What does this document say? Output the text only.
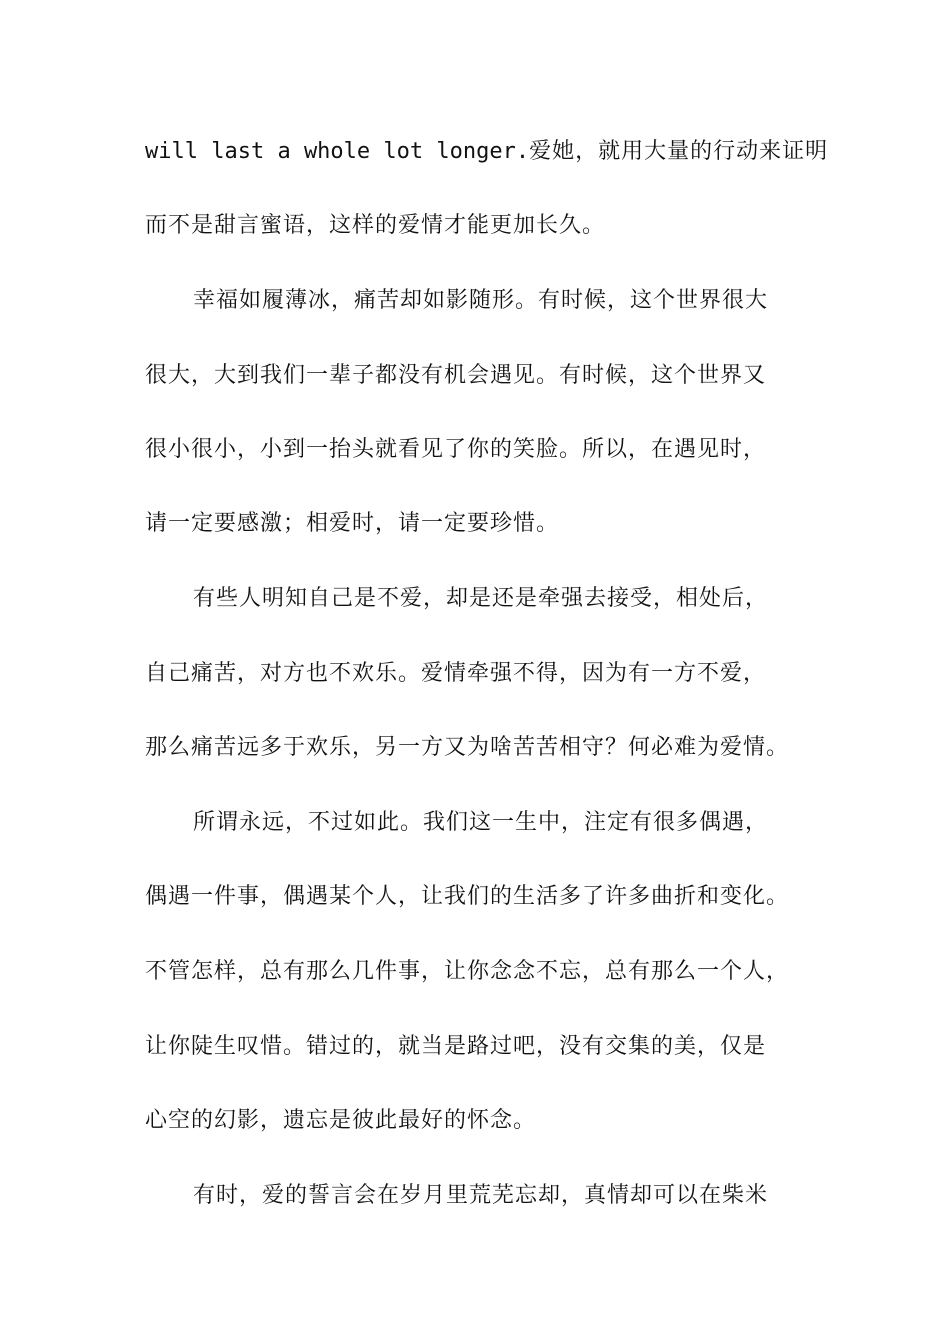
will last a whole lot longer.爱她，就用大量的行动来证明
而不是甜言蜜语，这样的爱情才能更加长久。
幸福如履薄冰，痛苦却如影随形。有时候，这个世界很大
很大，大到我们一辈子都没有机会遇见。有时候，这个世界又
很小很小，小到一抬头就看见了你的笑脸。所以，在遇见时，
请一定要感激；相爱时，请一定要珍惜。
有些人明知自己是不爱，却是还是牵强去接受，相处后，
自己痛苦，对方也不欢乐。爱情牵强不得，因为有一方不爱，
那么痛苦远多于欢乐，另一方又为啥苦苦相守？何必难为爱情。
所谓永远，不过如此。我们这一生中，注定有很多偶遇，
偶遇一件事，偶遇某个人，让我们的生活多了许多曲折和变化。
不管怎样，总有那么几件事，让你念念不忘，总有那么一个人，
让你陡生叹惜。错过的，就当是路过吧，没有交集的美，仅是
心空的幻影，遗忘是彼此最好的怀念。
有时，爱的誓言会在岁月里荒芜忘却，真情却可以在柴米
